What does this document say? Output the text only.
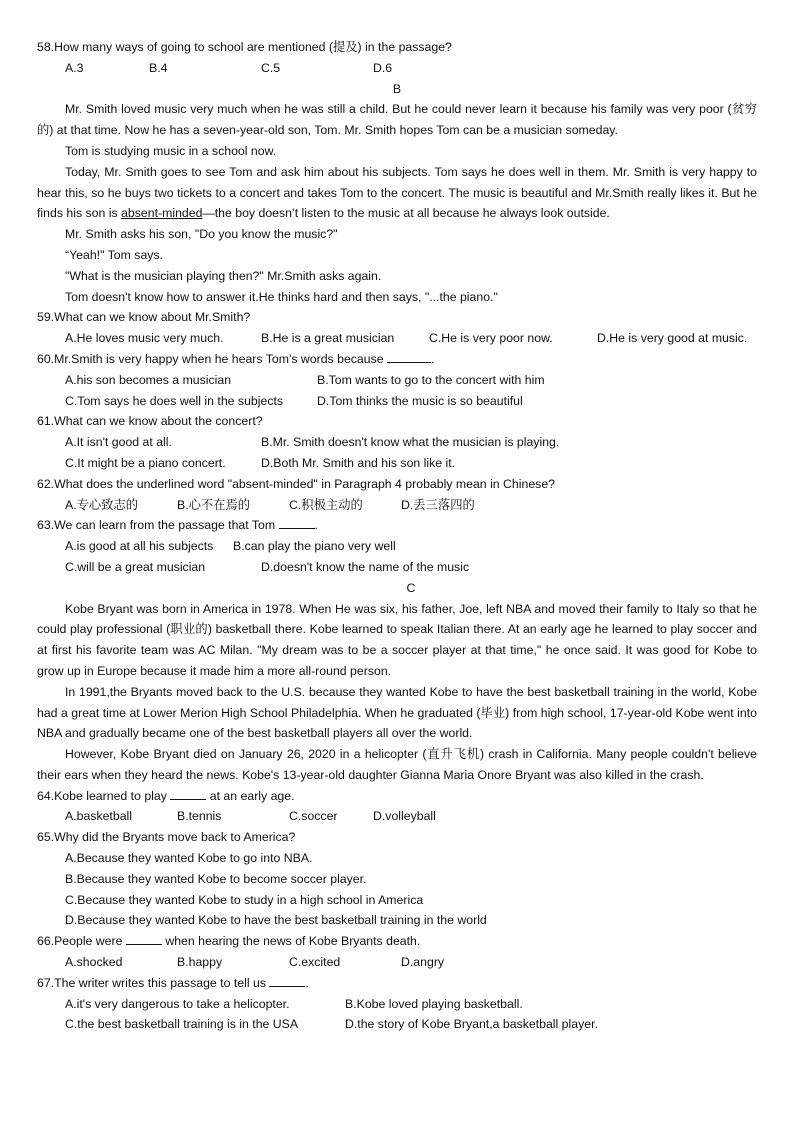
58.How many ways of going to school are mentioned (提及) in the passage?
A.3	B.4	C.5	D.6
B
Mr. Smith loved music very much when he was still a child. But he could never learn it because his family was very poor (贫穷的) at that time. Now he has a seven-year-old son, Tom. Mr. Smith hopes Tom can be a musician someday.
Tom is studying music in a school now.
Today, Mr. Smith goes to see Tom and ask him about his subjects. Tom says he does well in them. Mr. Smith is very happy to hear this, so he buys two tickets to a concert and takes Tom to the concert. The music is beautiful and Mr.Smith really likes it. But he finds his son is absent-minded—the boy doesn’t listen to the music at all because he always look outside.
Mr. Smith asks his son, "Do you know the music?"
“Yeah!" Tom says.
"What is the musician playing then?" Mr.Smith asks again.
Tom doesn't know how to answer it.He thinks hard and then says, "...the piano."
59.What can we know about Mr.Smith?
A.He loves music very much.	B.He is a great musician	C.He is very poor now.	D.He is very good at music.
60.Mr.Smith is very happy when he hears Tom's words because	.
A.his son becomes a musician	B.Tom wants to go to the concert with him
C.Tom says he does well in the subjects	D.Tom thinks the music is so beautiful
61.What can we know about the concert?
A.It isn't good at all.	B.Mr. Smith doesn't know what the musician is playing.
C.It might be a piano concert.	D.Both Mr. Smith and his son like it.
62.What does the underlined word "absent-minded" in Paragraph 4 probably mean in Chinese?
A.专心致志的	B.心不在焉的	C.积极主动的	D.丢三落四的
63.We can learn from the passage that Tom	.
A.is good at all his subjects	B.can play the piano very well
C.will be a great musician	D.doesn't know the name of the music
C
Kobe Bryant was born in America in 1978. When He was six, his father, Joe, left NBA and moved their family to Italy so that he could play professional (职业的) basketball there. Kobe learned to speak Italian there. At an early age he learned to play soccer and at first his favorite team was AC Milan. "My dream was to be a soccer player at that time," he once said. It was good for Kobe to grow up in Europe because it made him a more all-round person.
In 1991,the Bryants moved back to the U.S. because they wanted Kobe to have the best basketball training in the world, Kobe had a great time at Lower Merion High School Philadelphia. When he graduated (毕业) from high school, 17-year-old Kobe went into NBA and gradually became one of the best basketball players all over the world.
However, Kobe Bryant died on January 26, 2020 in a helicopter (直升飞机) crash in California. Many people couldn't believe their ears when they heard the news. Kobe's 13-year-old daughter Gianna Maria Onore Bryant was also killed in the crash.
64.Kobe learned to play	at an early age.
A.basketball	B.tennis	C.soccer	D.volleyball
65.Why did the Bryants move back to America?
A.Because they wanted Kobe to go into NBA.
B.Because they wanted Kobe to become soccer player.
C.Because they wanted Kobe to study in a high school in America
D.Because they wanted Kobe to have the best basketball training in the world
66.People were	when hearing the news of Kobe Bryants death.
A.shocked	B.happy	C.excited	D.angry
67.The writer writes this passage to tell us	.
A.it's very dangerous to take a helicopter.	B.Kobe loved playing basketball.
C.the best basketball training is in the USA	D.the story of Kobe Bryant,a basketball player.
